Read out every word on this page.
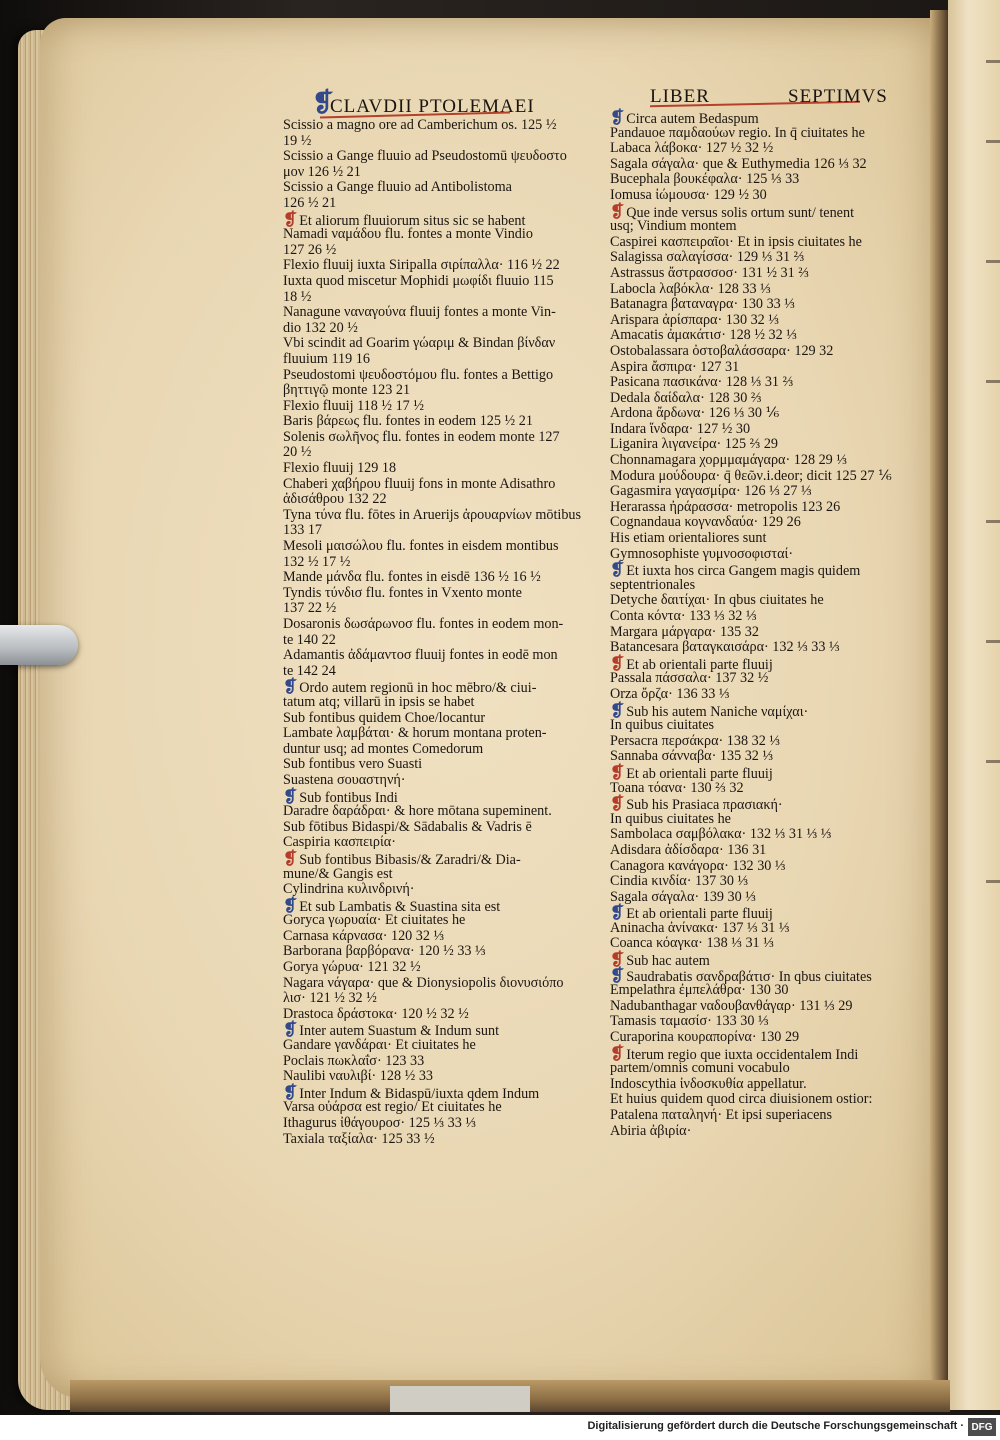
❡
CLAVDII PTOLEMAEI	LIBER	SEPTIMVS
Scissio a magno ore ad Camberichum os. 125 ½
19 ½
Scissio a Gange fluuio ad Pseudostomū ψευδοστο
μον 126 ½ 21
Scissio a Gange fluuio ad Antibolistoma
126 ½ 21
❡ Et aliorum fluuiorum situs sic se habent
Namadi ναμάδου flu. fontes a monte Vindio
127 26 ½
Flexio fluuij iuxta Siripalla σιρίπαλλα· 116 ½ 22
Iuxta quod miscetur Mophidi μωφίδι fluuio 115
18 ½
Nanagune ναναγούνα fluuij fontes a monte Vin-
dio 132 20 ½
Vbi scindit ad Goarim γώαριμ & Bindan βίνδαν
fluuium 119 16
Pseudostomi ψευδοστόμου flu. fontes a Bettigo
βηττιγῷ monte 123 21
Flexio fluuij 118 ½ 17 ½
Baris βάρεως flu. fontes in eodem 125 ½ 21
Solenis σωλῆνος flu. fontes in eodem monte 127
20 ½
Flexio fluuij 129 18
Chaberi χαβήρου fluuij fons in monte Adisathro
ἀδισάθρου 132 22
Tyna τύνα flu. fōtes in Aruerijs ἀρουαρνίων mōtibus
133 17
Mesoli μαισώλου flu. fontes in eisdem montibus
132 ½ 17 ½
Mande μάνδα flu. fontes in eisdē 136 ½ 16 ½
Tyndis τύνδισ flu. fontes in Vxento monte
137 22 ½
Dosaronis δωσάρωνοσ flu. fontes in eodem mon-
te 140 22
Adamantis ἀδάμαντοσ fluuij fontes in eodē mon
te 142 24
❡ Ordo autem regionū in hoc mēbro/& ciui-
tatum atq; villarū in ipsis se habet
Sub fontibus quidem Choe/locantur
Lambate λαμβάται· & horum montana proten-
duntur usq; ad montes Comedorum
Sub fontibus vero Suasti
Suastena σουαστηνή·
❡ Sub fontibus Indi
Daradre δαράδραι· & hore mōtana supeminent.
Sub fōtibus Bidaspi/& Sādabalis & Vadris ē
Caspiria κασπειρία·
❡ Sub fontibus Bibasis/& Zaradri/& Dia-
mune/& Gangis est
Cylindrina κυλινδρινή·
❡ Et sub Lambatis & Suastina sita est
Goryca γωρυαία· Et ciuitates he
Carnasa κάρνασα· 120 32 ⅓
Barborana βαρβόρανα· 120 ½ 33 ⅓
Gorya γώρυα· 121 32 ½
Nagara νάγαρα· que & Dionysiopolis διονυσιόπο
λισ· 121 ½ 32 ½
Drastoca δράστοκα· 120 ½ 32 ½
❡ Inter autem Suastum & Indum sunt
Gandare γανδάραι· Et ciuitates he
Poclais πωκλαΐσ· 123 33
Naulibi ναυλιβί· 128 ½ 33
❡ Inter Indum & Bidaspū/iuxta qdem Indum
Varsa οὐάρσα est regio/ Et ciuitates he
Ithagurus ἰθάγουροσ· 125 ⅓ 33 ⅓
Taxiala ταξίαλα· 125 33 ½
❡ Circa autem Bedaspum
Pandauoe παμδαούων regio. In q̄ ciuitates he
Labaca λάβοκα· 127 ½ 32 ½
Sagala σάγαλα· que & Euthymedia 126 ⅓ 32
Bucephala βουκέφαλα· 125 ⅓ 33
Iomusa ἰώμουσα· 129 ½ 30
❡ Que inde versus solis ortum sunt/ tenent
usq; Vindium montem
Caspirei κασπειραῖοι· Et in ipsis ciuitates he
Salagissa σαλαγίσσα· 129 ⅓ 31 ⅔
Astrassus ἄστρασσοσ· 131 ½ 31 ⅔
Labocla λαβόκλα· 128 33 ⅓
Batanagra βαταναγρα· 130 33 ⅓
Arispara ἀρίσπαρα· 130 32 ⅓
Amacatis ἀμακάτισ· 128 ½ 32 ⅓
Ostobalassara ὀστοβαλάσσαρα· 129 32
Aspira ἄσπιρα· 127 31
Pasicana πασικάνα· 128 ⅓ 31 ⅔
Dedala δαίδαλα· 128 30 ⅔
Ardona ἄρδωνα· 126 ⅓ 30 ⅙
Indara ἴνδαρα· 127 ½ 30
Liganira λιγανείρα· 125 ⅔ 29
Chonnamagara χορμμαμάγαρα· 128 29 ⅓
Modura μούδουρα· q̄ θεῶν.i.deor; dicit 125 27 ⅙
Gagasmira γαγασμίρα· 126 ⅓ 27 ⅓
Herarassa ἠράρασσα· metropolis 123 26
Cognandaua κογνανδαύα· 129 26
His etiam orientaliores sunt
Gymnosophiste γυμνοσοφισταί·
❡ Et iuxta hos circa Gangem magis quidem
septentrionales
Detyche δαιτίχαι· In qbus ciuitates he
Conta κόντα· 133 ⅓ 32 ⅓
Margara μάργαρα· 135 32
Batancesara βαταγκαισάρα· 132 ⅓ 33 ⅓
❡ Et ab orientali parte fluuij
Passala πάσσαλα· 137 32 ½
Orza ὄρζα· 136 33 ⅓
❡ Sub his autem Naniche ναμίχαι·
In quibus ciuitates
Persacra περσάκρα· 138 32 ⅓
Sannaba σάνναβα· 135 32 ⅓
❡ Et ab orientali parte fluuij
Toana τόανα· 130 ⅔ 32
❡ Sub his Prasiaca πρασιακή·
In quibus ciuitates he
Sambolaca σαμβόλακα· 132 ⅓ 31 ⅓ ⅓
Adisdara ἀδίσδαρα· 136 31
Canagora κανάγορα· 132 30 ⅓
Cindia κινδία· 137 30 ⅓
Sagala σάγαλα· 139 30 ⅓
❡ Et ab orientali parte fluuij
Aninacha ἀνίνακα· 137 ⅓ 31 ⅓
Coanca κόαγκα· 138 ⅓ 31 ⅓
❡ Sub hac autem
❡ Saudrabatis σανδραβάτισ· In qbus ciuitates
Empelathra ἐμπελάθρα· 130 30
Nadubanthagar ναδουβανθάγαρ· 131 ⅓ 29
Tamasis ταμασίσ· 133 30 ⅓
Curaporina κουραπορίνα· 130 29
❡ Iterum regio que iuxta occidentalem Indi
partem/omnis comuni vocabulo
Indoscythia ἰνδοσκυθία appellatur.
Et huius quidem quod circa diuisionem ostior:
Patalena παταληνή· Et ipsi superiacens
Abiria ἀβιρία·
Digitalisierung gefördert durch die Deutsche Forschungsgemeinschaft · DFG
